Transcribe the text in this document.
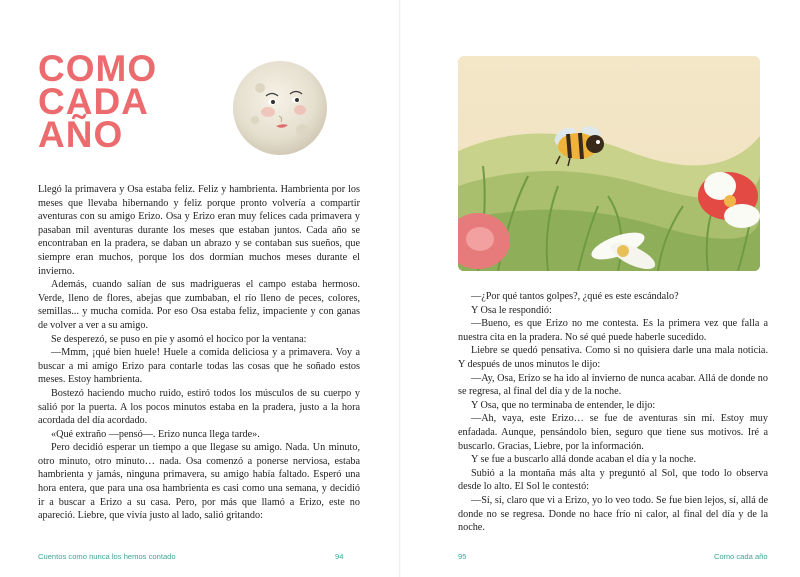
COMO
CADA
AÑO

Llegó la primavera y Osa estaba feliz. Feliz y hambrienta. Hambrienta por los meses que llevaba hibernando y feliz porque pronto volvería a compartir aventuras con su amigo Erizo. Osa y Erizo eran muy felices cada primavera y pasaban mil aventuras durante los meses que estaban juntos. Cada año se encontraban en la pradera, se daban un abrazo y se contaban sus sueños, que siempre eran muchos, porque los dos dormían muchos meses durante el invierno.

Además, cuando salían de sus madrigueras el campo estaba hermoso. Verde, lleno de flores, abejas que zumbaban, el río lleno de peces, colores, semillas... y mucha comida. Por eso Osa estaba feliz, impaciente y con ganas de volver a ver a su amigo.

Se desperezó, se puso en pie y asomó el hocico por la ventana:

—Mmm, ¡qué bien huele! Huele a comida deliciosa y a primavera. Voy a buscar a mi amigo Erizo para contarle todas las cosas que he soñado estos meses. Estoy hambrienta.

Bostezó haciendo mucho ruido, estiró todos los músculos de su cuerpo y salió por la puerta. A los pocos minutos estaba en la pradera, justo a la hora acordada del día acordado.

«Qué extraño —pensó—. Erizo nunca llega tarde».

Pero decidió esperar un tiempo a que llegase su amigo. Nada. Un minuto, otro minuto, otro minuto… nada. Osa comenzó a ponerse nerviosa, estaba hambrienta y jamás, ninguna primavera, su amigo había faltado. Esperó una hora entera, que para una osa hambrienta es casi como una semana, y decidió ir a buscar a Erizo a su casa. Pero, por más que llamó a Erizo, este no apareció. Liebre, que vivía justo al lado, salió gritando:

Cuentos como nunca los hemos contado	94

—¿Por qué tantos golpes?, ¿qué es este escándalo?

Y Osa le respondió:

—Bueno, es que Erizo no me contesta. Es la primera vez que falla a nuestra cita en la pradera. No sé qué puede haberle sucedido.

Liebre se quedó pensativa. Como si no quisiera darle una mala noticia. Y después de unos minutos le dijo:

—Ay, Osa, Erizo se ha ido al invierno de nunca acabar. Allá de donde no se regresa, al final del día y de la noche.

Y Osa, que no terminaba de entender, le dijo:

—Ah, vaya, este Erizo… se fue de aventuras sin mí. Estoy muy enfadada. Aunque, pensándolo bien, seguro que tiene sus motivos. Iré a buscarlo. Gracias, Liebre, por la información.

Y se fue a buscarlo allá donde acaban el día y la noche.

Subió a la montaña más alta y preguntó al Sol, que todo lo observa desde lo alto. El Sol le contestó:

—Sí, sí, claro que vi a Erizo, yo lo veo todo. Se fue bien lejos, sí, allá de donde no se regresa. Donde no hace frío ni calor, al final del día y de la noche.

95	Como cada año
